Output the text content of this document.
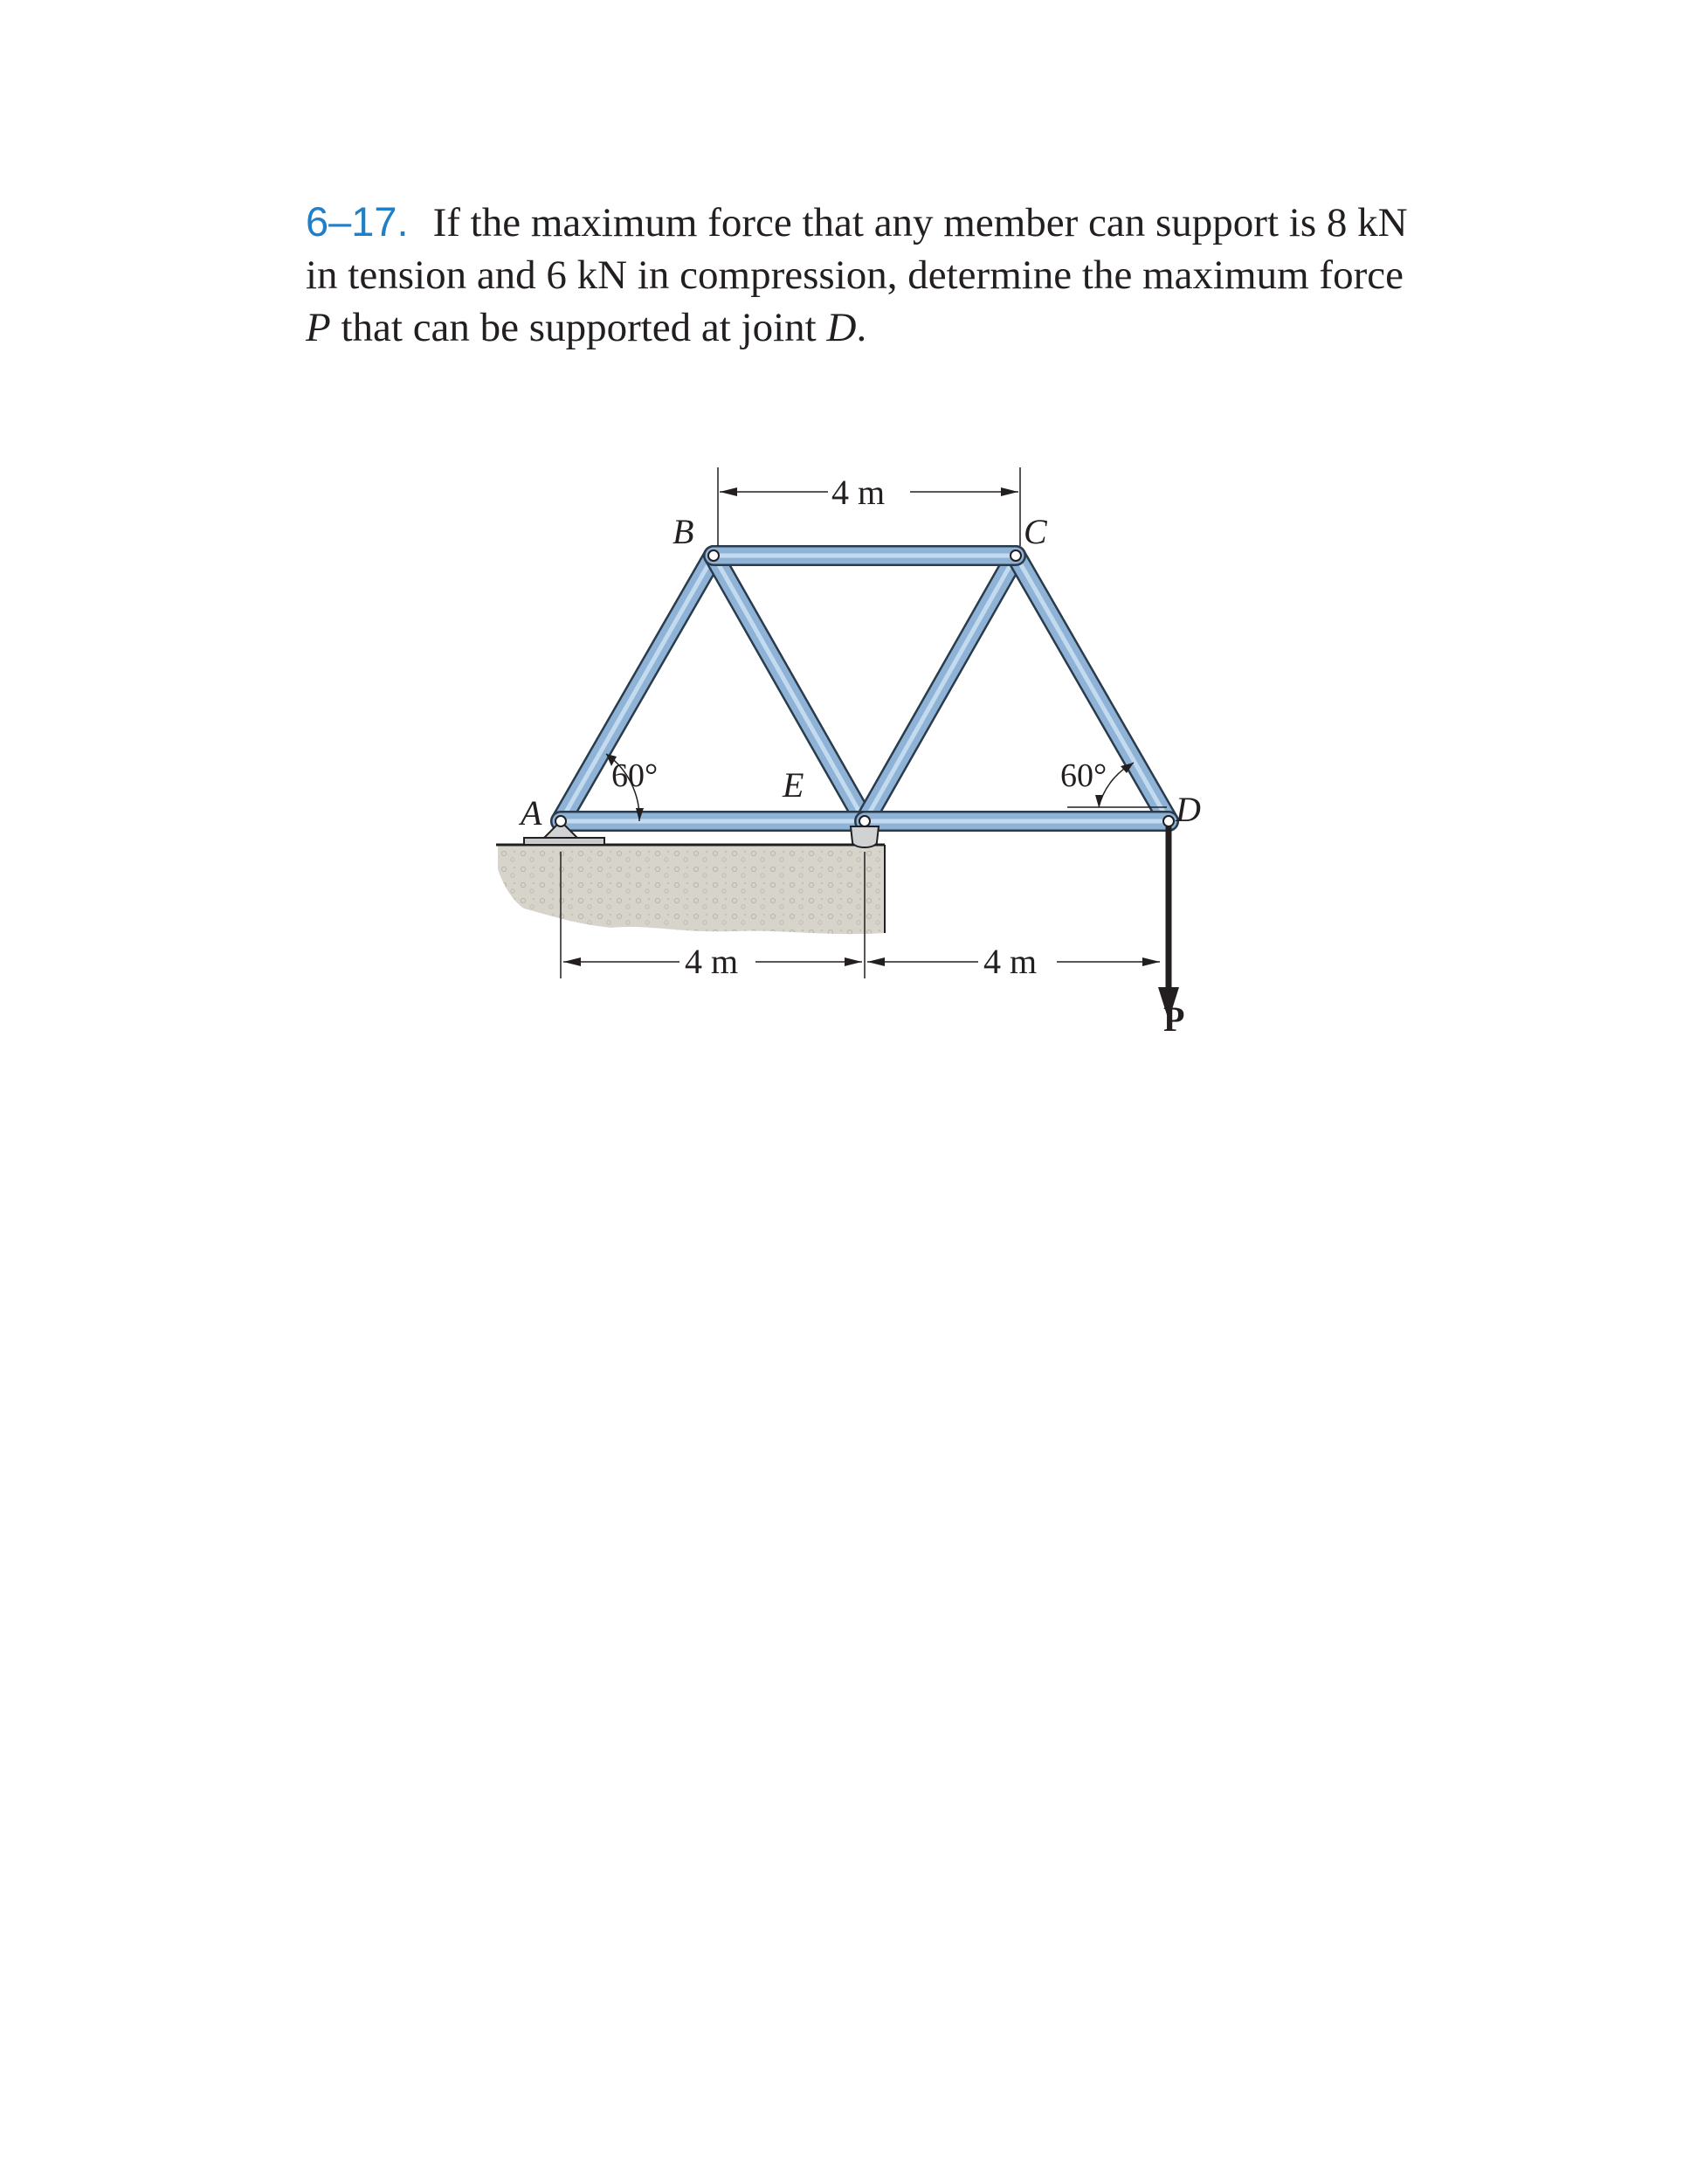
6–17. If the maximum force that any member can support is 8 kN in tension and 6 kN in compression, determine the maximum force P that can be supported at joint D.
A
B	C
D
E
4 m
4 m	4 m
60°	60°
P
